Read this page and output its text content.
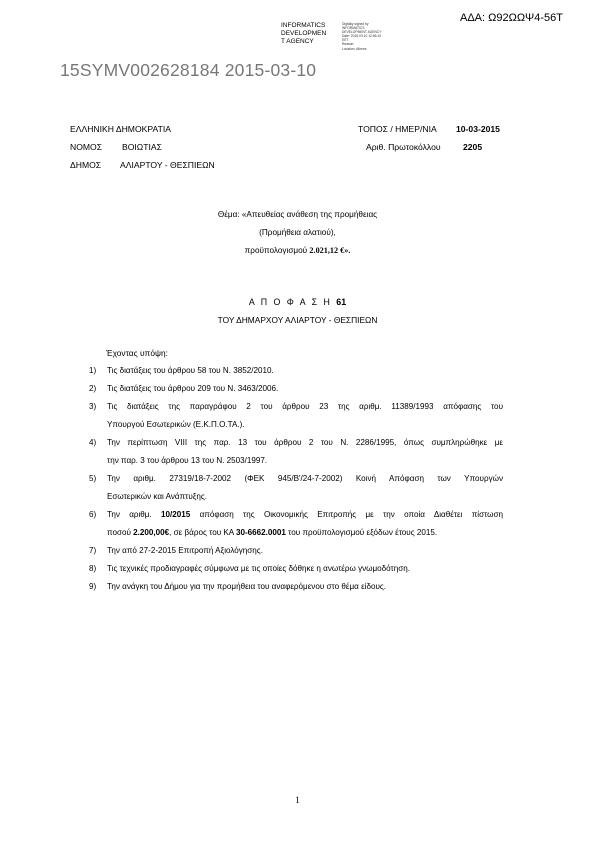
ΑΔΑ: Ω92ΩΩΨ4-56Τ
INFORMATICS
DEVELOPMEN
T AGENCY
Digitally signed by
INFORMATICS
DEVELOPMENT AGENCY
Date: 2015.03.10 12:56:10
EET
Reason:
Location: Athens
15SYMV002628184 2015-03-10
ΕΛΛΗΝΙΚΗ ΔΗΜΟΚΡΑΤΙΑ
ΝΟΜΟΣ ΒΟΙΩΤΙΑΣ
ΔΗΜΟΣ ΑΛΙΑΡΤΟΥ - ΘΕΣΠΙΕΩΝ
ΤΟΠΟΣ / ΗΜΕΡ/ΝΙΑ 10-03-2015
Αριθ. Πρωτοκόλλου	2205
Θέμα: «Απευθείας ανάθεση της προμήθειας
(Προμήθεια αλατιού),
προϋπολογισμού 2.021,12 €».
Α Π Ο Φ Α Σ Η 61
ΤΟΥ ΔΗΜΑΡΧΟΥ ΑΛΙΑΡΤΟΥ - ΘΕΣΠΙΕΩΝ
Έχοντας υπόψη:
1)	Τις διατάξεις του άρθρου 58 του Ν. 3852/2010.
2)	Τις διατάξεις του άρθρου 209 του Ν. 3463/2006.
3)	Τις διατάξεις της παραγράφου 2 του άρθρου 23 της αριθμ. 11389/1993 απόφασης του
Υπουργού Εσωτερικών (Ε.Κ.Π.Ο.ΤΑ.).
4)	Την περίπτωση VIII της παρ. 13 του άρθρου 2 του Ν. 2286/1995, όπως συμπληρώθηκε με
την παρ. 3 του άρθρου 13 του Ν. 2503/1997.
5)	Την αριθμ. 27319/18-7-2002 (ΦΕΚ 945/Β'/24-7-2002) Κοινή Απόφαση των Υπουργών
Εσωτερικών και Ανάπτυξης.
6)	Την αριθμ. 10/2015 απόφαση της Οικονομικής Επιτροπής με την οποία Διαθέτει πίστωση
ποσού 2.200,00€, σε βάρος του ΚΑ 30-6662.0001 του προϋπολογισμού εξόδων έτους 2015.
7)	Την από 27-2-2015 Επιτροπή Αξιολόγησης.
8)	Τις τεχνικές προδιαγραφές σύμφωνα με τις οποίες δόθηκε η ανωτέρω γνωμοδότηση.
9)	Την ανάγκη του Δήμου για την προμήθεια του αναφερόμενου στο θέμα είδους.
1
